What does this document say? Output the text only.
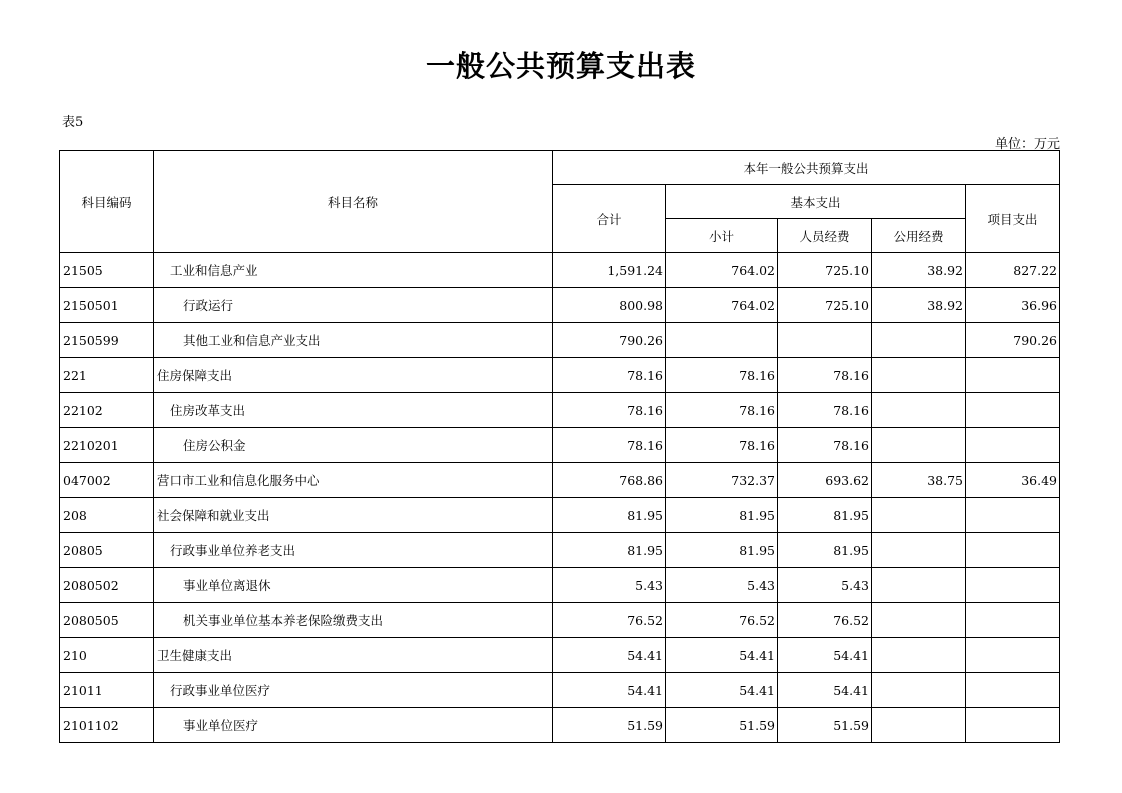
一般公共预算支出表
表5
单位：万元
科目编码	科目名称	本年一般公共预算支出				
		合计	基本支出			项目支出
			小计	人员经费	公用经费	
21505	工业和信息产业	1,591.24	764.02	725.10	38.92	827.22
2150501	行政运行	800.98	764.02	725.10	38.92	36.96
2150599	其他工业和信息产业支出	790.26				790.26
221	住房保障支出	78.16	78.16	78.16		
22102	住房改革支出	78.16	78.16	78.16		
2210201	住房公积金	78.16	78.16	78.16		
047002	营口市工业和信息化服务中心	768.86	732.37	693.62	38.75	36.49
208	社会保障和就业支出	81.95	81.95	81.95		
20805	行政事业单位养老支出	81.95	81.95	81.95		
2080502	事业单位离退休	5.43	5.43	5.43		
2080505	机关事业单位基本养老保险缴费支出	76.52	76.52	76.52		
210	卫生健康支出	54.41	54.41	54.41		
21011	行政事业单位医疗	54.41	54.41	54.41		
2101102	事业单位医疗	51.59	51.59	51.59		
